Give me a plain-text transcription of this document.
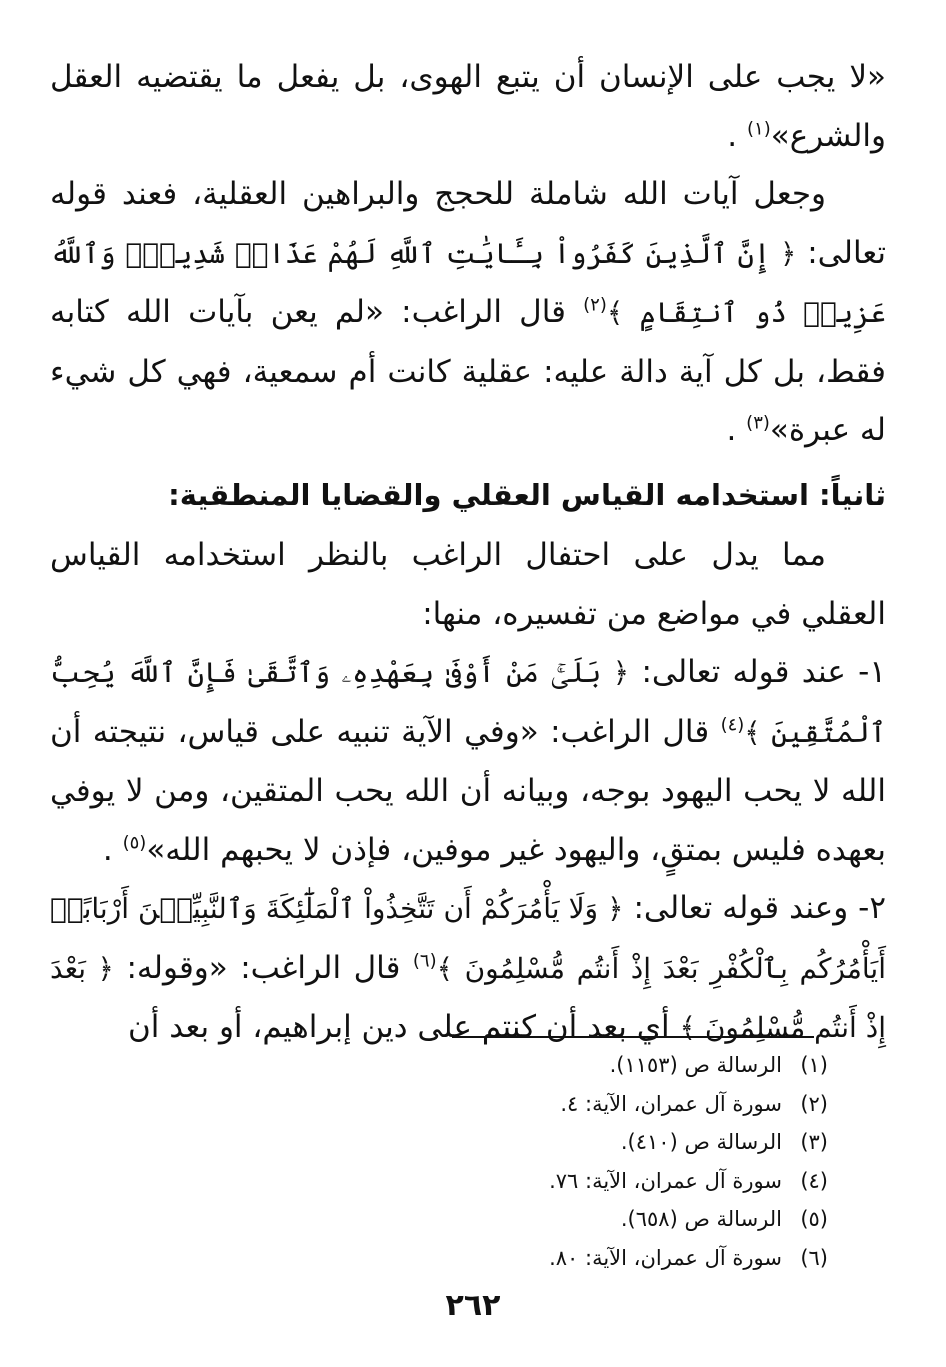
«لا يجب على الإنسان أن يتبع الهوى، بل يفعل ما يقتضيه العقل والشرع»$^{(١)}$ .

وجعل آيات الله شاملة للحجج والبراهين العقلية، فعند قوله تعالى: ﴿ إِنَّ ٱلَّذِينَ كَفَرُواْ بِـَٔايَٰتِ ٱللَّهِ لَهُمْ عَذَابٞ شَدِيدٞۗ وَٱللَّهُ عَزِيزٞ ذُو ٱنتِقَامٍ ﴾$^{(٢)}$ قال الراغب: «لم يعن بآيات الله كتابه فقط، بل كل آية دالة عليه: عقلية كانت أم سمعية، فهي كل شيء له عبرة»$^{(٣)}$ .

ثانياً: استخدامه القياس العقلي والقضايا المنطقية:

مما يدل على احتفال الراغب بالنظر استخدامه القياس العقلي في مواضع من تفسيره، منها:

١- عند قوله تعالى: ﴿ بَلَىٰۚ مَنْ أَوْفَىٰ بِعَهْدِهِۦ وَٱتَّقَىٰ فَإِنَّ ٱللَّهَ يُحِبُّ ٱلْمُتَّقِينَ ﴾$^{(٤)}$ قال الراغب: «وفي الآية تنبيه على قياس، نتيجته أن الله لا يحب اليهود بوجه، وبيانه أن الله يحب المتقين، ومن لا يوفي بعهده فليس بمتقٍ، واليهود غير موفين، فإذن لا يحبهم الله»$^{(٥)}$ .

٢- وعند قوله تعالى: ﴿ وَلَا يَأْمُرَكُمْ أَن تَتَّخِذُواْ ٱلْمَلَٰٓئِكَةَ وَٱلنَّبِيِّـۧنَ أَرْبَابًاۗ أَيَأْمُرُكُم بِٱلْكُفْرِ بَعْدَ إِذْ أَنتُم مُّسْلِمُونَ ﴾$^{(٦)}$ قال الراغب: «وقوله: ﴿ بَعْدَ إِذْ أَنتُم مُّسْلِمُونَ ﴾ أي بعد أن كنتم على دين إبراهيم، أو بعد أن

(١)الرسالة ص (١١٥٣).
(٢)سورة آل عمران، الآية: ٤.
(٣)الرسالة ص (٤١٠).
(٤)سورة آل عمران، الآية: ٧٦.
(٥)الرسالة ص (٦٥٨).
(٦)سورة آل عمران، الآية: ٨٠.
٢٦٢
